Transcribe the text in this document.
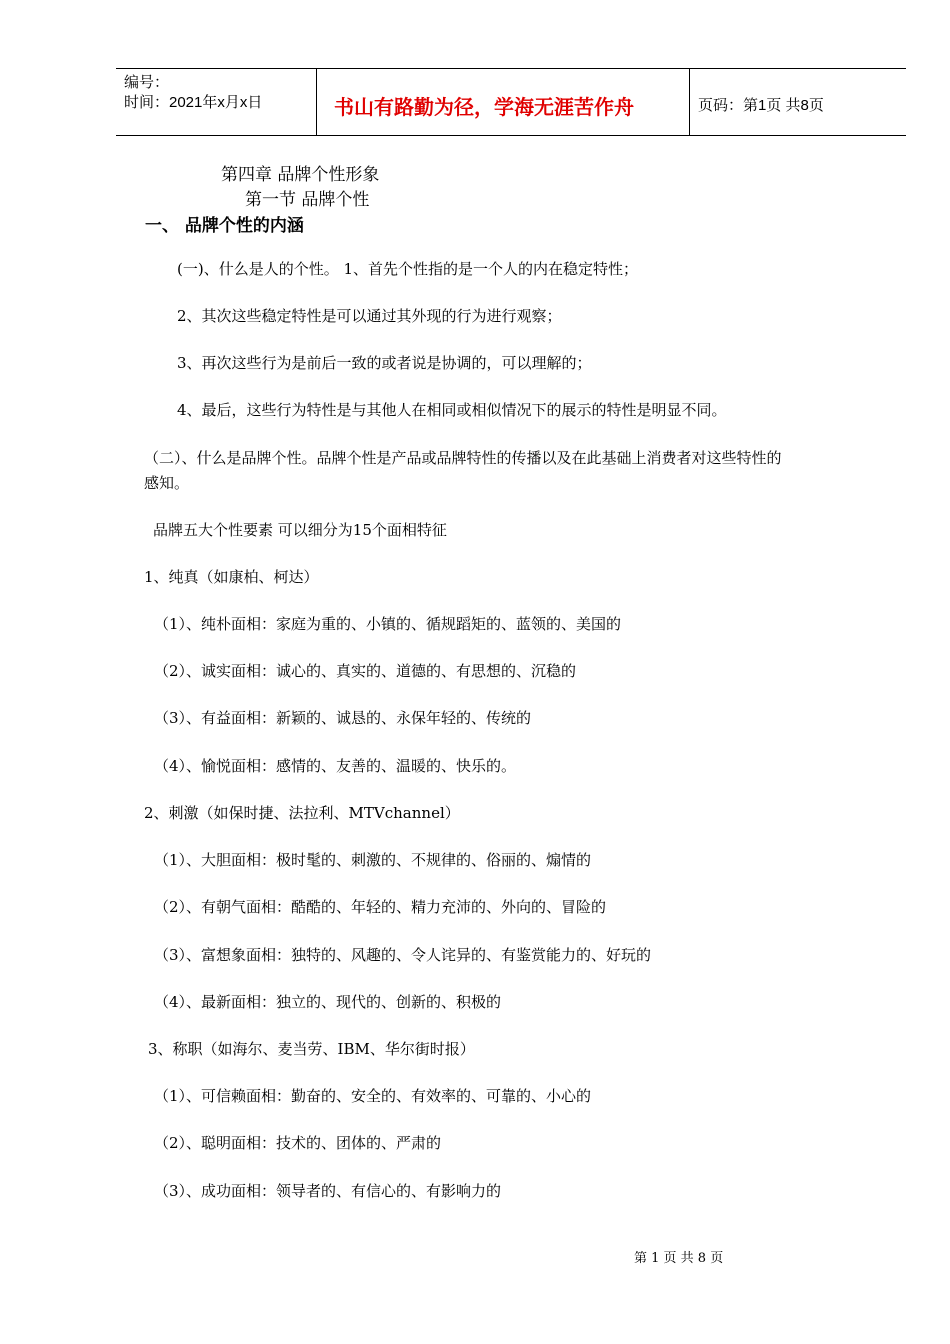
编号：
时间：2021年x月x日	书山有路勤为径，学海无涯苦作舟	页码：第1页 共8页
第四章 品牌个性形象
第一节 品牌个性
一、 品牌个性的内涵
(一)、什么是人的个性。 1、首先个性指的是一个人的内在稳定特性；
2、其次这些稳定特性是可以通过其外现的行为进行观察；
3、再次这些行为是前后一致的或者说是协调的，可以理解的；
4、最后，这些行为特性是与其他人在相同或相似情况下的展示的特性是明显不同。
（二）、什么是品牌个性。品牌个性是产品或品牌特性的传播以及在此基础上消费者对这些特性的
感知。
品牌五大个性要素 可以细分为15个面相特征
1、纯真（如康柏、柯达）
（1）、纯朴面相：家庭为重的、小镇的、循规蹈矩的、蓝领的、美国的
（2）、诚实面相：诚心的、真实的、道德的、有思想的、沉稳的
（3）、有益面相：新颖的、诚恳的、永保年轻的、传统的
（4）、愉悦面相：感情的、友善的、温暖的、快乐的。
2、刺激（如保时捷、法拉利、MTVchannel）
（1）、大胆面相：极时髦的、刺激的、不规律的、俗丽的、煽情的
（2）、有朝气面相：酷酷的、年轻的、精力充沛的、外向的、冒险的
（3）、富想象面相：独特的、风趣的、令人诧异的、有鉴赏能力的、好玩的
（4）、最新面相：独立的、现代的、创新的、积极的
3、称职（如海尔、麦当劳、IBM、华尔街时报）
（1）、可信赖面相：勤奋的、安全的、有效率的、可靠的、小心的
（2）、聪明面相：技术的、团体的、严肃的
（3）、成功面相：领导者的、有信心的、有影响力的
第 1 页 共 8 页
